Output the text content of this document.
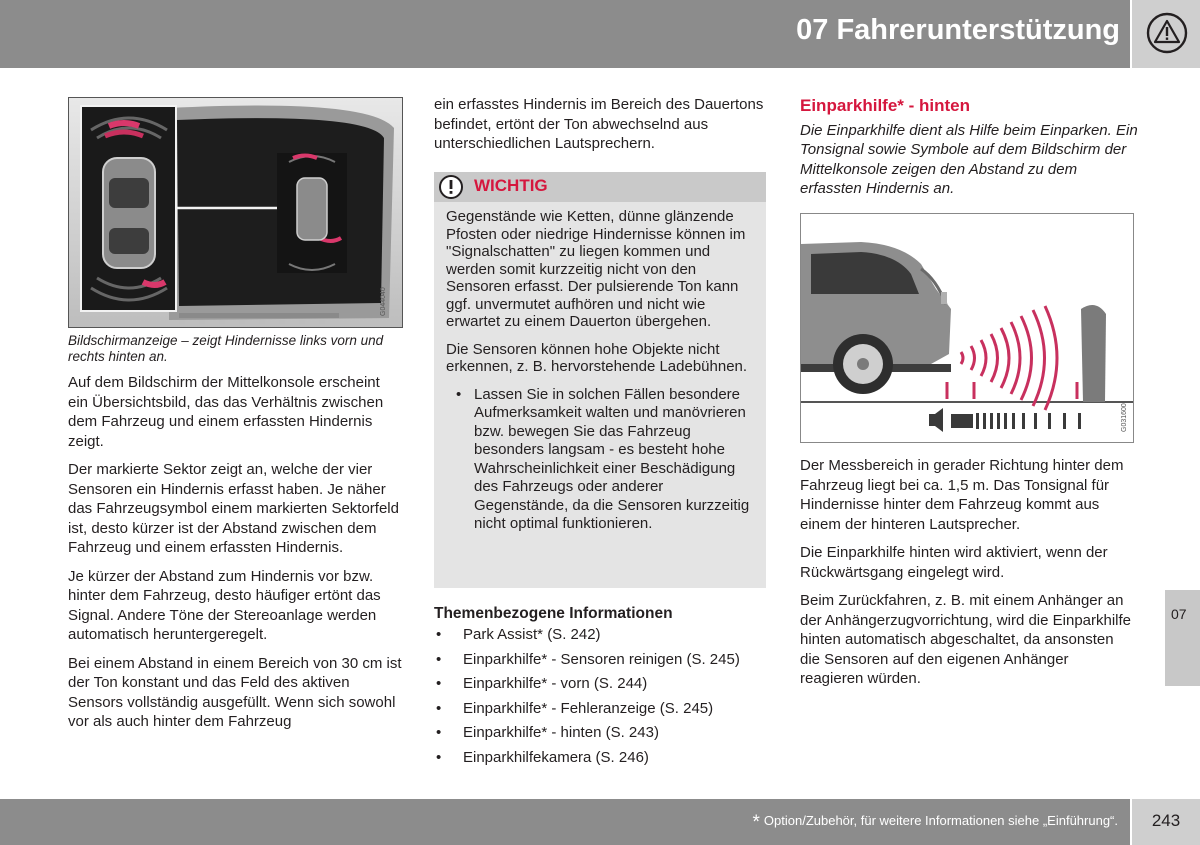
07 Fahrerunterstützung
G044040
Bildschirmanzeige – zeigt Hindernisse links vorn und rechts hinten an.

Auf dem Bildschirm der Mittelkonsole erscheint ein Übersichtsbild, das das Verhältnis zwischen dem Fahrzeug und einem erfassten Hindernis zeigt.

Der markierte Sektor zeigt an, welche der vier Sensoren ein Hindernis erfasst haben. Je näher das Fahrzeugsymbol einem markierten Sektorfeld ist, desto kürzer ist der Abstand zwischen dem Fahrzeug und einem erfassten Hindernis.

Je kürzer der Abstand zum Hindernis vor bzw. hinter dem Fahrzeug, desto häufiger ertönt das Signal. Andere Töne der Stereoanlage werden automatisch heruntergeregelt.

Bei einem Abstand in einem Bereich von 30 cm ist der Ton konstant und das Feld des aktiven Sensors vollständig ausgefüllt. Wenn sich sowohl vor als auch hinter dem Fahrzeug

ein erfasstes Hindernis im Bereich des Dauertons befindet, ertönt der Ton abwechselnd aus unterschiedlichen Lautsprechern.

WICHTIG

Gegenstände wie Ketten, dünne glänzende Pfosten oder niedrige Hindernisse können im "Signalschatten" zu liegen kommen und werden somit kurzzeitig nicht von den Sensoren erfasst. Der pulsierende Ton kann ggf. unvermutet aufhören und nicht wie erwartet zu einem Dauerton übergehen.

Die Sensoren können hohe Objekte nicht erkennen, z. B. hervorstehende Ladebühnen.

• Lassen Sie in solchen Fällen besondere Aufmerksamkeit walten und manövrieren bzw. bewegen Sie das Fahrzeug besonders langsam - es besteht hohe Wahrscheinlichkeit einer Beschädigung des Fahrzeugs oder anderer Gegenstände, da die Sensoren kurzzeitig nicht optimal funktionieren.
Themenbezogene Informationen
• Park Assist* (S. 242)
• Einparkhilfe* - Sensoren reinigen (S. 245)
• Einparkhilfe* - vorn (S. 244)
• Einparkhilfe* - Fehleranzeige (S. 245)
• Einparkhilfe* - hinten (S. 243)
• Einparkhilfekamera (S. 246)
Einparkhilfe* - hinten
Die Einparkhilfe dient als Hilfe beim Einparken. Ein Tonsignal sowie Symbole auf dem Bildschirm der Mittelkonsole zeigen den Abstand zu dem erfassten Hindernis an.
G031600

Der Messbereich in gerader Richtung hinter dem Fahrzeug liegt bei ca. 1,5 m. Das Tonsignal für Hindernisse hinter dem Fahrzeug kommt aus einem der hinteren Lautsprecher.

Die Einparkhilfe hinten wird aktiviert, wenn der Rückwärtsgang eingelegt wird.

Beim Zurückfahren, z. B. mit einem Anhänger an der Anhängerzugvorrichtung, wird die Einparkhilfe hinten automatisch abgeschaltet, da ansonsten die Sensoren auf den eigenen Anhänger reagieren würden.

07
* Option/Zubehör, für weitere Informationen siehe „Einführung“.	243
